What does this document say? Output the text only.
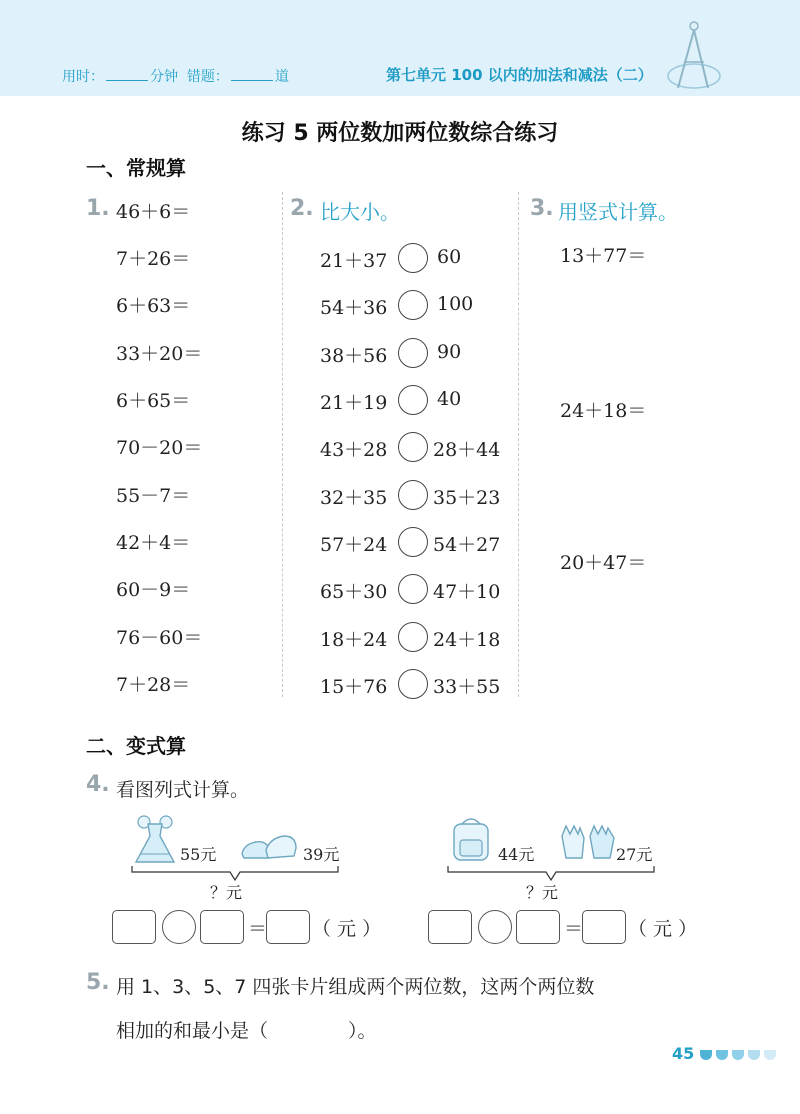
用时：	分钟 错题：	道	第七单元 100 以内的加法和减法（二）
练习 5 两位数加两位数综合练习
一、常规算
1. 46＋6＝
7＋26＝
6＋63＝
33＋20＝
6＋65＝
70－20＝
55－7＝
42＋4＝
60－9＝
76－60＝
7＋28＝
2. 比大小。
21＋37	60
54＋36	100
38＋56	90
21＋19	40
43＋28 28＋44
32＋35 35＋23
57＋24 54＋27
65＋30 47＋10
18＋24 24＋18
15＋76 33＋55
3. 用竖式计算。
13＋77＝
24＋18＝
20＋47＝
二、变式算
4. 看图列式计算。
55元	39元
？元
＝ （ 元 ）
44元	27元
？元
＝ （ 元 ）
5. 用 1、3、5、7 四张卡片组成两个两位数，这两个两位数
相加的和最小是（	）。
45
